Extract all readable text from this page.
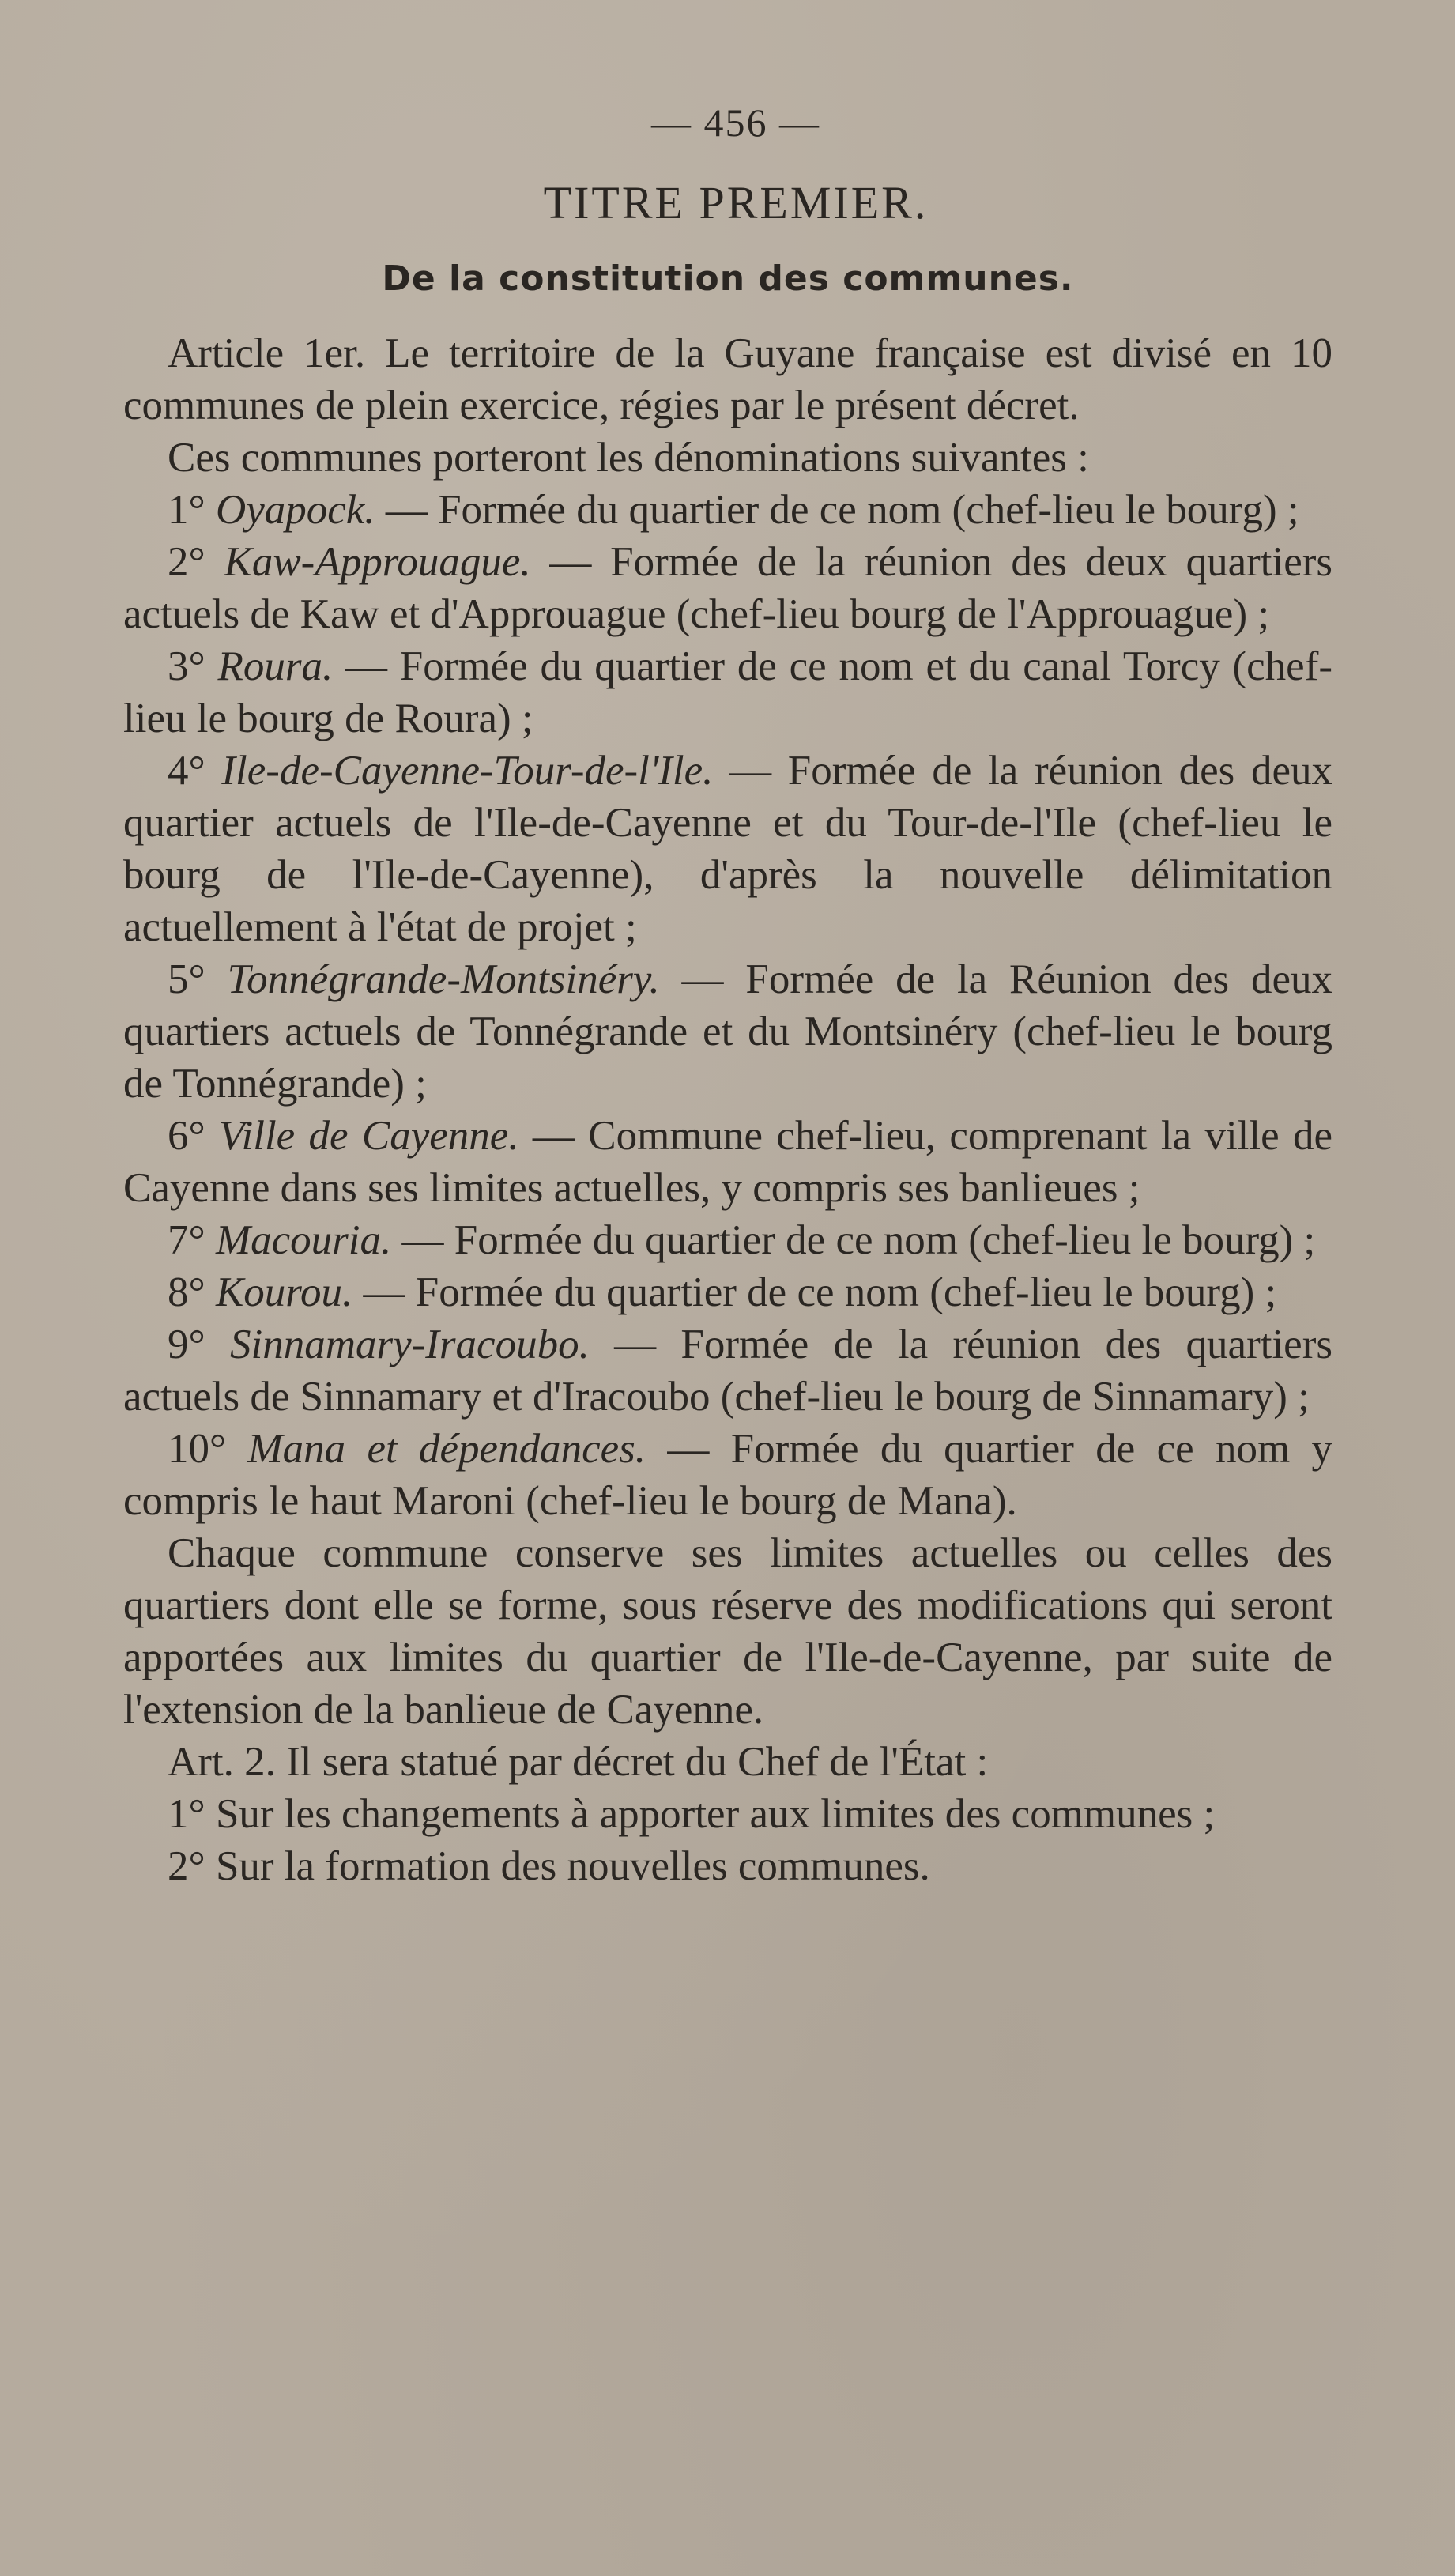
— 456 —
TITRE PREMIER.
De la constitution des communes.

Article 1er. Le territoire de la Guyane française est divisé en 10 communes de plein exercice, régies par le présent décret.

Ces communes porteront les dénominations suivantes :

1° Oyapock. — Formée du quartier de ce nom (chef-lieu le bourg) ;

2° Kaw-Approuague. — Formée de la réunion des deux quartiers actuels de Kaw et d'Approuague (chef-lieu bourg de l'Approuague) ;

3° Roura. — Formée du quartier de ce nom et du canal Torcy (chef-lieu le bourg de Roura) ;

4° Ile-de-Cayenne-Tour-de-l'Ile. — Formée de la réunion des deux quartier actuels de l'Ile-de-Cayenne et du Tour-de-l'Ile (chef-lieu le bourg de l'Ile-de-Cayenne), d'après la nouvelle délimitation actuellement à l'état de projet ;

5° Tonnégrande-Montsinéry. — Formée de la Réunion des deux quartiers actuels de Tonnégrande et du Montsinéry (chef-lieu le bourg de Tonnégrande) ;

6° Ville de Cayenne. — Commune chef-lieu, comprenant la ville de Cayenne dans ses limites actuelles, y compris ses banlieues ;

7° Macouria. — Formée du quartier de ce nom (chef-lieu le bourg) ;

8° Kourou. — Formée du quartier de ce nom (chef-lieu le bourg) ;

9° Sinnamary-Iracoubo. — Formée de la réunion des quartiers actuels de Sinnamary et d'Iracoubo (chef-lieu le bourg de Sinnamary) ;

10° Mana et dépendances. — Formée du quartier de ce nom y compris le haut Maroni (chef-lieu le bourg de Mana).

Chaque commune conserve ses limites actuelles ou celles des quartiers dont elle se forme, sous réserve des modifications qui seront apportées aux limites du quartier de l'Ile-de-Cayenne, par suite de l'extension de la banlieue de Cayenne.

Art. 2. Il sera statué par décret du Chef de l'État :

1° Sur les changements à apporter aux limites des communes ;

2° Sur la formation des nouvelles communes.
